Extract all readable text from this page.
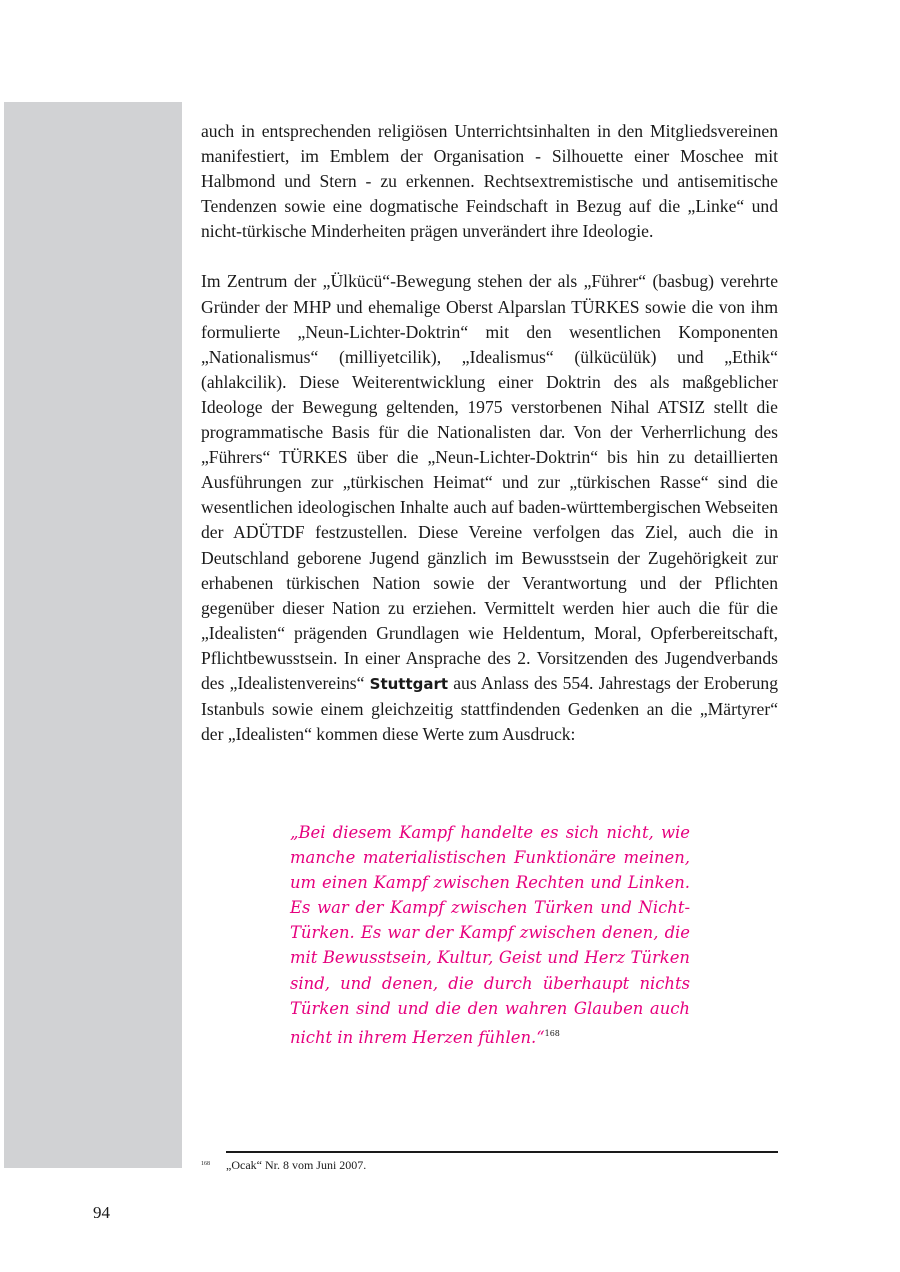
auch in entsprechenden religiösen Unterrichtsinhalten in den Mitgliedsvereinen manifestiert, im Emblem der Organisation - Silhouette einer Moschee mit Halbmond und Stern - zu erkennen. Rechtsextremistische und antisemitische Tendenzen sowie eine dogmatische Feindschaft in Bezug auf die „Linke“ und nicht-türkische Minderheiten prägen unverändert ihre Ideologie.

Im Zentrum der „Ülkücü“-Bewegung stehen der als „Führer“ (basbug) verehrte Gründer der MHP und ehemalige Oberst Alparslan TÜRKES sowie die von ihm formulierte „Neun-Lichter-Doktrin“ mit den wesentlichen Komponenten „Nationalismus“ (milliyetcilik), „Idealismus“ (ülkücülük) und „Ethik“ (ahlakcilik). Diese Weiterentwicklung einer Doktrin des als maßgeblicher Ideologe der Bewegung geltenden, 1975 verstorbenen Nihal ATSIZ stellt die programmatische Basis für die Nationalisten dar. Von der Verherrlichung des „Führers“ TÜRKES über die „Neun-Lichter-Doktrin“ bis hin zu detaillierten Ausführungen zur „türkischen Heimat“ und zur „türkischen Rasse“ sind die wesentlichen ideologischen Inhalte auch auf baden-württembergischen Webseiten der ADÜTDF festzustellen. Diese Vereine verfolgen das Ziel, auch die in Deutschland geborene Jugend gänzlich im Bewusstsein der Zugehörigkeit zur erhabenen türkischen Nation sowie der Verantwortung und der Pflichten gegenüber dieser Nation zu erziehen. Vermittelt werden hier auch die für die „Idealisten“ prägenden Grundlagen wie Heldentum, Moral, Opferbereitschaft, Pflichtbewusstsein. In einer Ansprache des 2. Vorsitzenden des Jugendverbands des „Idealistenvereins“ Stuttgart aus Anlass des 554. Jahrestags der Eroberung Istanbuls sowie einem gleichzeitig stattfindenden Gedenken an die „Märtyrer“ der „Idealisten“ kommen diese Werte zum Ausdruck:

„Bei diesem Kampf handelte es sich nicht, wie manche materialistischen Funktionäre meinen, um einen Kampf zwischen Rechten und Linken. Es war der Kampf zwischen Türken und Nicht-Türken. Es war der Kampf zwischen denen, die mit Bewusstsein, Kultur, Geist und Herz Türken sind, und denen, die durch überhaupt nichts Türken sind und die den wahren Glauben auch nicht in ihrem Herzen fühlen.“$^{168}$
168 „Ocak“ Nr. 8 vom Juni 2007.
94
